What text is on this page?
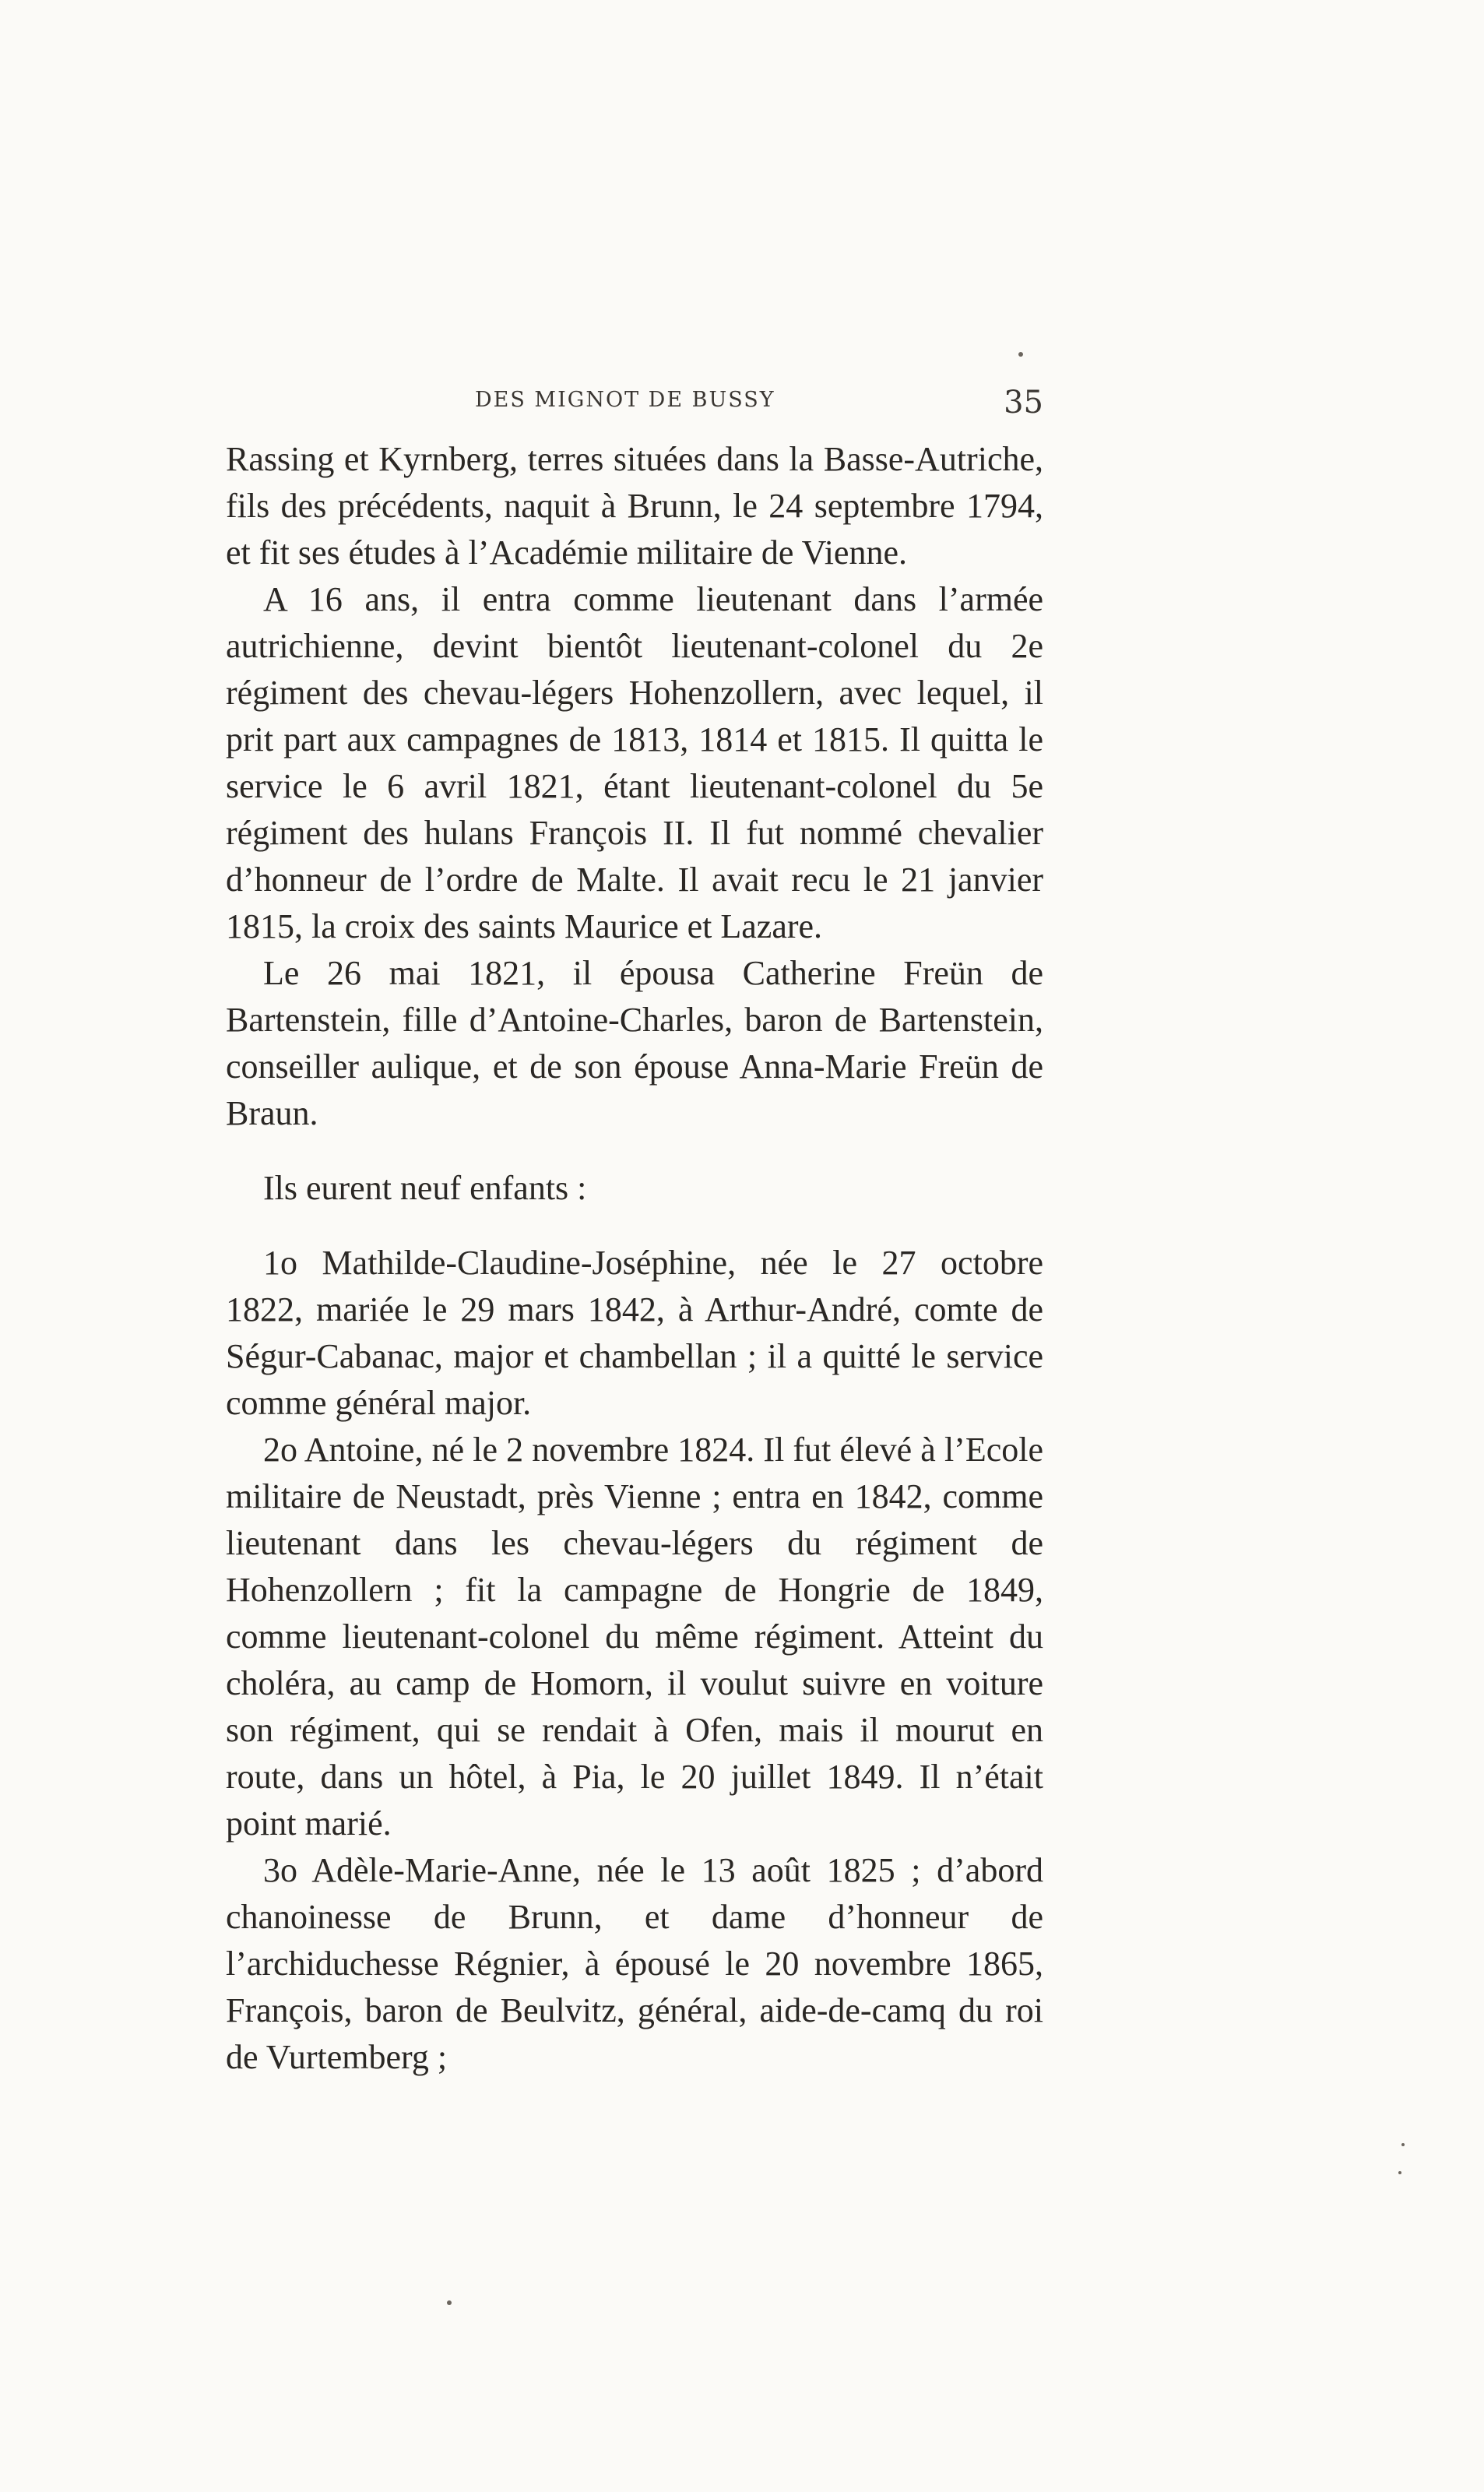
DES MIGNOT DE BUSSY	35

Rassing et Kyrnberg, terres situées dans la Basse-Autriche, fils des précédents, naquit à Brunn, le 24 septembre 1794, et fit ses études à l’Académie militaire de Vienne.

A 16 ans, il entra comme lieutenant dans l’armée autrichienne, devint bientôt lieutenant-colonel du 2e régiment des chevau-légers Hohenzollern, avec lequel, il prit part aux campagnes de 1813, 1814 et 1815. Il quitta le service le 6 avril 1821, étant lieutenant-colonel du 5e régiment des hulans François II. Il fut nommé chevalier d’honneur de l’ordre de Malte. Il avait recu le 21 janvier 1815, la croix des saints Maurice et Lazare.

Le 26 mai 1821, il épousa Catherine Freün de Bartenstein, fille d’Antoine-Charles, baron de Bartenstein, conseiller aulique, et de son épouse Anna-Marie Freün de Braun.

Ils eurent neuf enfants :

1o Mathilde-Claudine-Joséphine, née le 27 octobre 1822, mariée le 29 mars 1842, à Arthur-André, comte de Ségur-Cabanac, major et chambellan ; il a quitté le service comme général major.

2o Antoine, né le 2 novembre 1824. Il fut élevé à l’Ecole militaire de Neustadt, près Vienne ; entra en 1842, comme lieutenant dans les chevau-légers du régiment de Hohenzollern ; fit la campagne de Hongrie de 1849, comme lieutenant-colonel du même régiment. Atteint du choléra, au camp de Homorn, il voulut suivre en voiture son régiment, qui se rendait à Ofen, mais il mourut en route, dans un hôtel, à Pia, le 20 juillet 1849. Il n’était point marié.

3o Adèle-Marie-Anne, née le 13 août 1825 ; d’abord chanoinesse de Brunn, et dame d’honneur de l’archiduchesse Régnier, à épousé le 20 novembre 1865, François, baron de Beulvitz, général, aide-de-camq du roi de Vurtemberg ;
